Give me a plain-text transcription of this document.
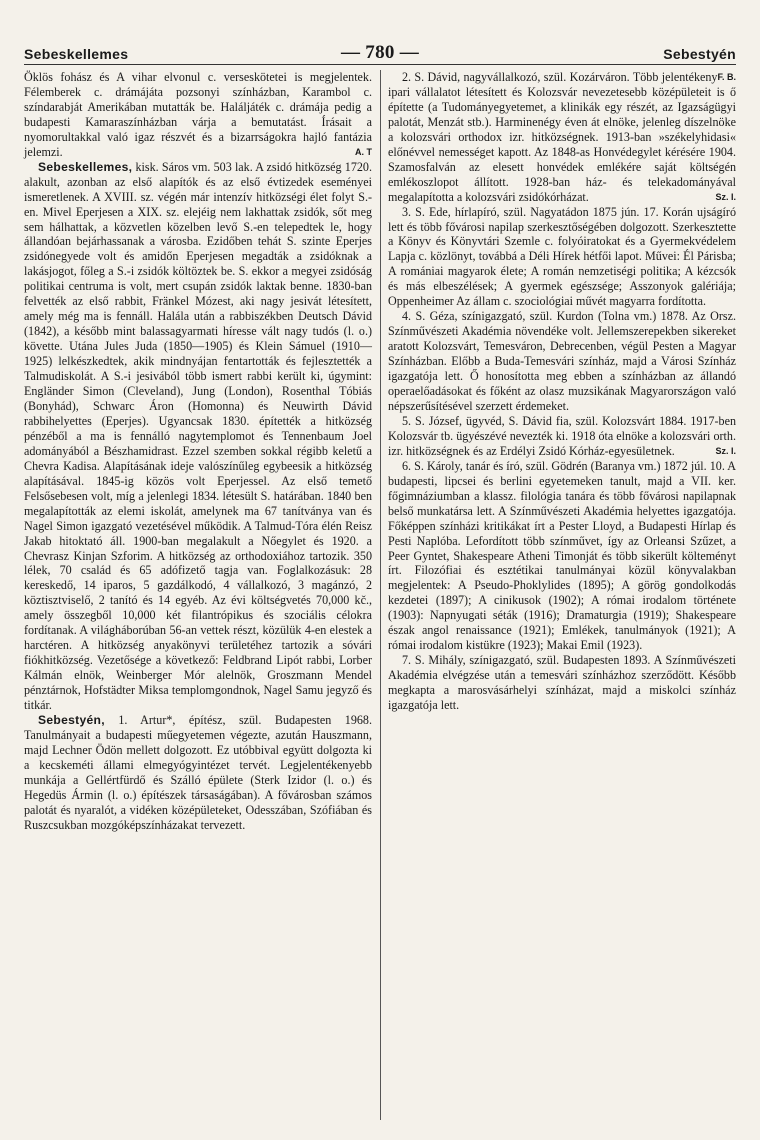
Sebeskellemes	— 780 —	Sebestyén

Öklös fohász és A vihar elvonul c. verseskötetei is megjelentek. Félemberek c. drámájáta pozsonyi színházban, Karambol c. színdarabját Amerikában mutatták be. Haláljáték c. drámája pedig a budapesti Kamaraszínházban várja a bemutatást. Írásait a nyomorultakkal való igaz részvét és a bizarrságokra hajló fantázia jelemzi.	A. T

Sebeskellemes, kisk. Sáros vm. 503 lak. A zsidó hitközség 1720. alakult, azonban az első alapítók és az első évtizedek eseményei ismeretlenek. A XVIII. sz. végén már intenzív hitközségi élet folyt S.-en. Mivel Eperjesen a XIX. sz. elejéig nem lakhattak zsidók, sőt meg sem hálhattak, a közvetlen közelben levő S.-en telepedtek le, hogy állandóan bejárhassanak a városba. Ezidőben tehát S. szinte Eperjes zsidónegyede volt és amidőn Eperjesen megadták a zsidóknak a lakásjogot, főleg a S.-i zsidók költöztek be. S. ekkor a megyei zsidóság politikai centruma is volt, mert csupán zsidók laktak benne. 1830-ban felvették az első rabbit, Fränkel Mózest, aki nagy jesivát létesített, amely még ma is fennáll. Halála után a rabbiszékben Deutsch Dávid (1842), a később mint balassagyarmati híresse vált nagy tudós (l. o.) követte. Utána Jules Juda (1850—1905) és Klein Sámuel (1910—1925) lelkészkedtek, akik mindnyájan fentartották és fejlesztették a Talmudiskolát. A S.-i jesivából több ismert rabbi került ki, úgymint: Engländer Simon (Cleveland), Jung (London), Rosenthal Tóbiás (Bonyhád), Schwarc Áron (Homonna) és Neuwirth Dávid rabbihelyettes (Eperjes). Ugyancsak 1830. építették a hitközség pénzéből a ma is fennálló nagytemplomot és Tennenbaum Joel adományából a Bészhamidrast. Ezzel szemben sokkal régibb keletű a Chevra Kadisa. Alapításának ideje valószínűleg egybeesik a hitközség alapításával. 1845-ig közös volt Eperjessel. Az első temető Felsősebesen volt, míg a jelenlegi 1834. létesült S. határában. 1840 ben megalapították az elemi iskolát, amelynek ma 67 tanítványa van és Nagel Simon igazgató vezetésével működik. A Talmud-Tóra élén Reisz Jakab hitoktató áll. 1900-ban megalakult a Nőegylet és 1920. a Chevrasz Kinjan Szforim. A hitközség az orthodoxiához tartozik. 350 lélek, 70 család és 65 adófizető tagja van. Foglalkozásuk: 28 kereskedő, 14 iparos, 5 gazdálkodó, 4 vállalkozó, 3 magánzó, 2 köztisztviselő, 2 tanító és 14 egyéb. Az évi költségvetés 70,000 kč., amely összegből 10,000 két filantrópikus és szociális célokra fordítanak. A világháborúban 56-an vettek részt, közülük 4-en elestek a harctéren. A hitközség anyakönyvi területéhez tartozik a sóvári fiókhitközség. Vezetősége a következő: Feldbrand Lipót rabbi, Lorber Kálmán elnök, Weinberger Mór alelnök, Groszmann Mendel pénztárnok, Hofstädter Miksa templomgondnok, Nagel Samu jegyző és titkár.

Sebestyén, 1. Artur*, építész, szül. Budapesten 1968. Tanulmányait a budapesti műegyetemen végezte, azután Hauszmann, majd Lechner Ödön mellett dolgozott. Ez utóbbival együtt dolgozta ki a kecskeméti állami elmegyógyintézet tervét. Legjelentékenyebb munkája a Gellértfürdő és Szálló épülete (Sterk Izidor (l. o.) és Hegedüs Ármin (l. o.) építészek társaságában). A fővárosban számos palotát és nyaralót, a vidéken középületeket, Odesszában, Szófiában és Ruszcsukban mozgóképszínházakat tervezett.

F. B.

2. S. Dávid, nagyvállalkozó, szül. Kozárváron. Több jelentékeny ipari vállalatot létesített és Kolozsvár nevezetesebb középületeit is ő építette (a Tudományegyetemet, a klinikák egy részét, az Igazságügyi palotát, Menzát stb.). Harminenégy éven át elnöke, jelenleg díszelnöke a kolozsvári orthodox izr. hitközségnek. 1913-ban »székelyhidasi« előnévvel nemességet kapott. Az 1848-as Honvédegylet kérésére 1904. Szamosfalván az elesett honvédek emlékére saját költségén emlékoszlopot állított. 1928-ban ház- és telekadományával megalapította a kolozsvári zsidókórházat.	Sz. I.

3. S. Ede, hírlapíró, szül. Nagyatádon 1875 jún. 17. Korán ujságíró lett és több fővárosi napilap szerkesztőségében dolgozott. Szerkesztette a Könyv és Könyvtári Szemle c. folyóiratokat és a Gyermekvédelem Lapja c. közlönyt, továbbá a Déli Hírek hétfői lapot. Művei: Él Párisba; A romániai magyarok élete; A román nemzetiségi politika; A kézcsók és más elbeszélések; A gyermek egészsége; Asszonyok galériája; Oppenheimer Az állam c. szociológiai művét magyarra fordította.

4. S. Géza, színigazgató, szül. Kurdon (Tolna vm.) 1878. Az Orsz. Színművészeti Akadémia növendéke volt. Jellemszerepekben sikereket aratott Kolozsvárt, Temesváron, Debrecenben, végül Pesten a Magyar Színházban. Előbb a Buda-Temesvári színház, majd a Városi Színház igazgatója lett. Ő honosította meg ebben a színházban az állandó operaelőadásokat és főként az olasz muzsikának Magyarországon való népszerűsítésével szerzett érdemeket.

5. S. József, ügyvéd, S. Dávid fia, szül. Kolozsvárt 1884. 1917-ben Kolozsvár tb. ügyészévé nevezték ki. 1918 óta elnöke a kolozsvári orth. izr. hitközségnek és az Erdélyi Zsidó Kórház-egyesületnek.	Sz. I.

6. S. Károly, tanár és író, szül. Gödrén (Baranya vm.) 1872 júl. 10. A budapesti, lipcsei és berlini egyetemeken tanult, majd a VII. ker. főgimnáziumban a klassz. filológia tanára és több fővárosi napilapnak belső munkatársa lett. A Színművészeti Akadémia helyettes igazgatója. Főképpen színházi kritikákat írt a Pester Lloyd, a Budapesti Hírlap és Pesti Naplóba. Lefordított több színművet, így az Orleansi Szűzet, a Peer Gyntet, Shakespeare Atheni Timonját és több sikerült költeményt írt. Filozófiai és esztétikai tanulmányai közül könyvalakban megjelentek: A Pseudo-Phoklylides (1895); A görög gondolkodás kezdetei (1897); A cinikusok (1902); A római irodalom története (1903): Napnyugati séták (1916); Dramaturgia (1919); Shakespeare észak angol renaissance (1921); Emlékek, tanulmányok (1921); A római irodalom kistükre (1923); Makai Emil (1923).

7. S. Mihály, színigazgató, szül. Budapesten 1893. A Színművészeti Akadémia elvégzése után a temesvári színházhoz szerződött. Később megkapta a marosvásárhelyi színházat, majd a miskolci színház igazgatója lett.
